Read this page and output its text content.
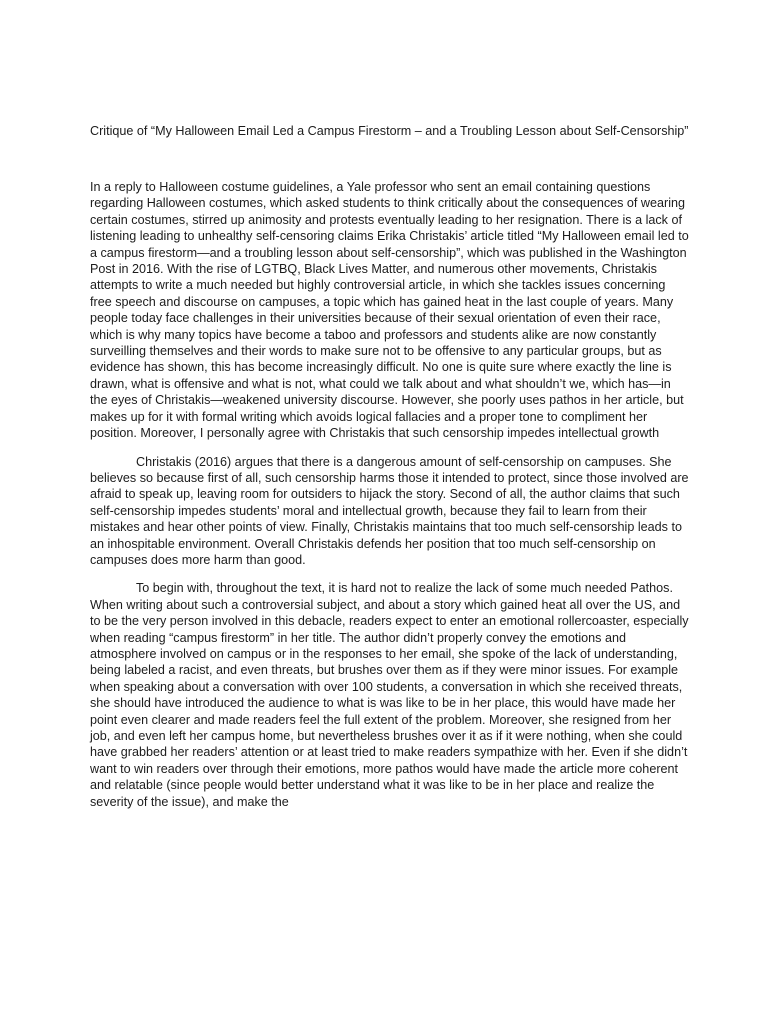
Critique of “My Halloween Email Led a Campus Firestorm – and a Troubling Lesson about Self-Censorship”

In a reply to Halloween costume guidelines, a Yale professor who sent an email containing questions regarding Halloween costumes, which asked students to think critically about the consequences of wearing certain costumes, stirred up animosity and protests eventually leading to her resignation. There is a lack of listening leading to unhealthy self-censoring claims Erika Christakis’ article titled “My Halloween email led to a campus firestorm—and a troubling lesson about self-censorship”, which was published in the Washington Post in 2016. With the rise of LGTBQ, Black Lives Matter, and numerous other movements, Christakis attempts to write a much needed but highly controversial article, in which she tackles issues concerning free speech and discourse on campuses, a topic which has gained heat in the last couple of years. Many people today face challenges in their universities because of their sexual orientation of even their race, which is why many topics have become a taboo and professors and students alike are now constantly surveilling themselves and their words to make sure not to be offensive to any particular groups, but as evidence has shown, this has become increasingly difficult. No one is quite sure where exactly the line is drawn, what is offensive and what is not, what could we talk about and what shouldn’t we, which has—in the eyes of Christakis—weakened university discourse. However, she poorly uses pathos in her article, but makes up for it with formal writing which avoids logical fallacies and a proper tone to compliment her position. Moreover, I personally agree with Christakis that such censorship impedes intellectual growth

Christakis (2016) argues that there is a dangerous amount of self-censorship on campuses. She believes so because first of all, such censorship harms those it intended to protect, since those involved are afraid to speak up, leaving room for outsiders to hijack the story. Second of all, the author claims that such self-censorship impedes students’ moral and intellectual growth, because they fail to learn from their mistakes and hear other points of view. Finally, Christakis maintains that too much self-censorship leads to an inhospitable environment. Overall Christakis defends her position that too much self-censorship on campuses does more harm than good.

To begin with, throughout the text, it is hard not to realize the lack of some much needed Pathos. When writing about such a controversial subject, and about a story which gained heat all over the US, and to be the very person involved in this debacle, readers expect to enter an emotional rollercoaster, especially when reading “campus firestorm” in her title. The author didn’t properly convey the emotions and atmosphere involved on campus or in the responses to her email, she spoke of the lack of understanding, being labeled a racist, and even threats, but brushes over them as if they were minor issues. For example when speaking about a conversation with over 100 students, a conversation in which she received threats, she should have introduced the audience to what is was like to be in her place, this would have made her point even clearer and made readers feel the full extent of the problem. Moreover, she resigned from her job, and even left her campus home, but nevertheless brushes over it as if it were nothing, when she could have grabbed her readers’ attention or at least tried to make readers sympathize with her. Even if she didn’t want to win readers over through their emotions, more pathos would have made the article more coherent and relatable (since people would better understand what it was like to be in her place and realize the severity of the issue), and make the
